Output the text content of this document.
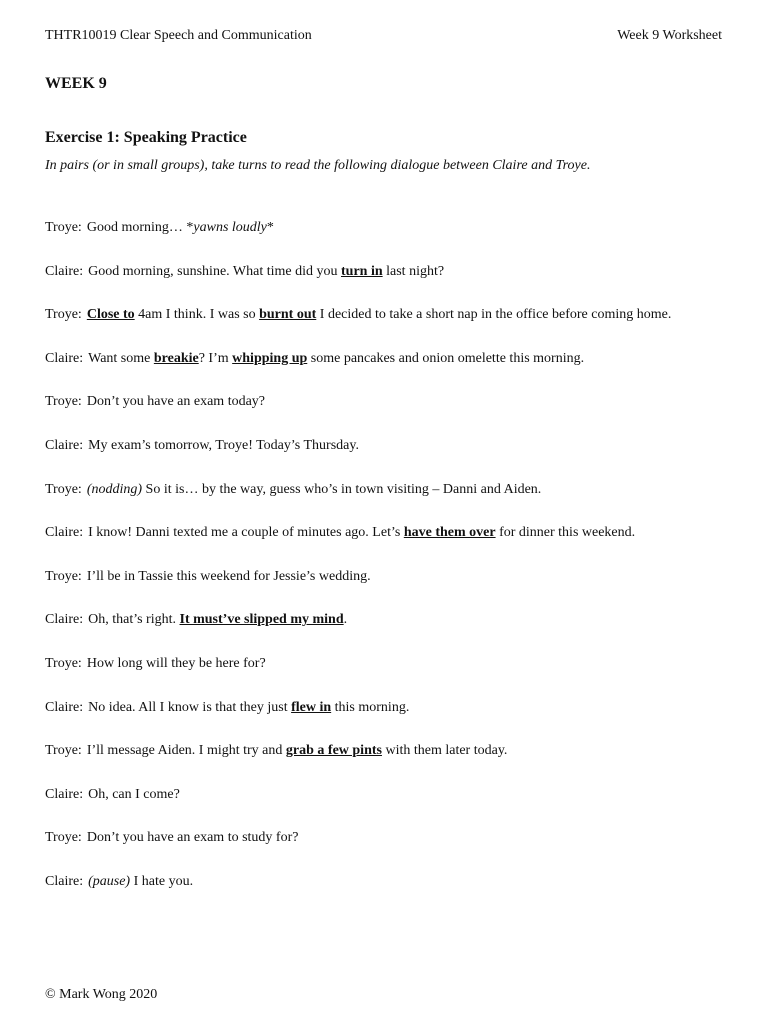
THTR10019 Clear Speech and Communication	Week 9 Worksheet
WEEK 9
Exercise 1: Speaking Practice
In pairs (or in small groups), take turns to read the following dialogue between Claire and Troye.
Troye: Good morning… *yawns loudly*
Claire: Good morning, sunshine. What time did you turn in last night?
Troye: Close to 4am I think. I was so burnt out I decided to take a short nap in the office before coming home.
Claire: Want some breakie? I’m whipping up some pancakes and onion omelette this morning.
Troye: Don’t you have an exam today?
Claire: My exam’s tomorrow, Troye! Today’s Thursday.
Troye: (nodding) So it is… by the way, guess who’s in town visiting – Danni and Aiden.
Claire: I know! Danni texted me a couple of minutes ago. Let’s have them over for dinner this weekend.
Troye: I’ll be in Tassie this weekend for Jessie’s wedding.
Claire: Oh, that’s right. It must’ve slipped my mind.
Troye: How long will they be here for?
Claire: No idea. All I know is that they just flew in this morning.
Troye: I’ll message Aiden. I might try and grab a few pints with them later today.
Claire: Oh, can I come?
Troye: Don’t you have an exam to study for?
Claire: (pause) I hate you.
© Mark Wong 2020
